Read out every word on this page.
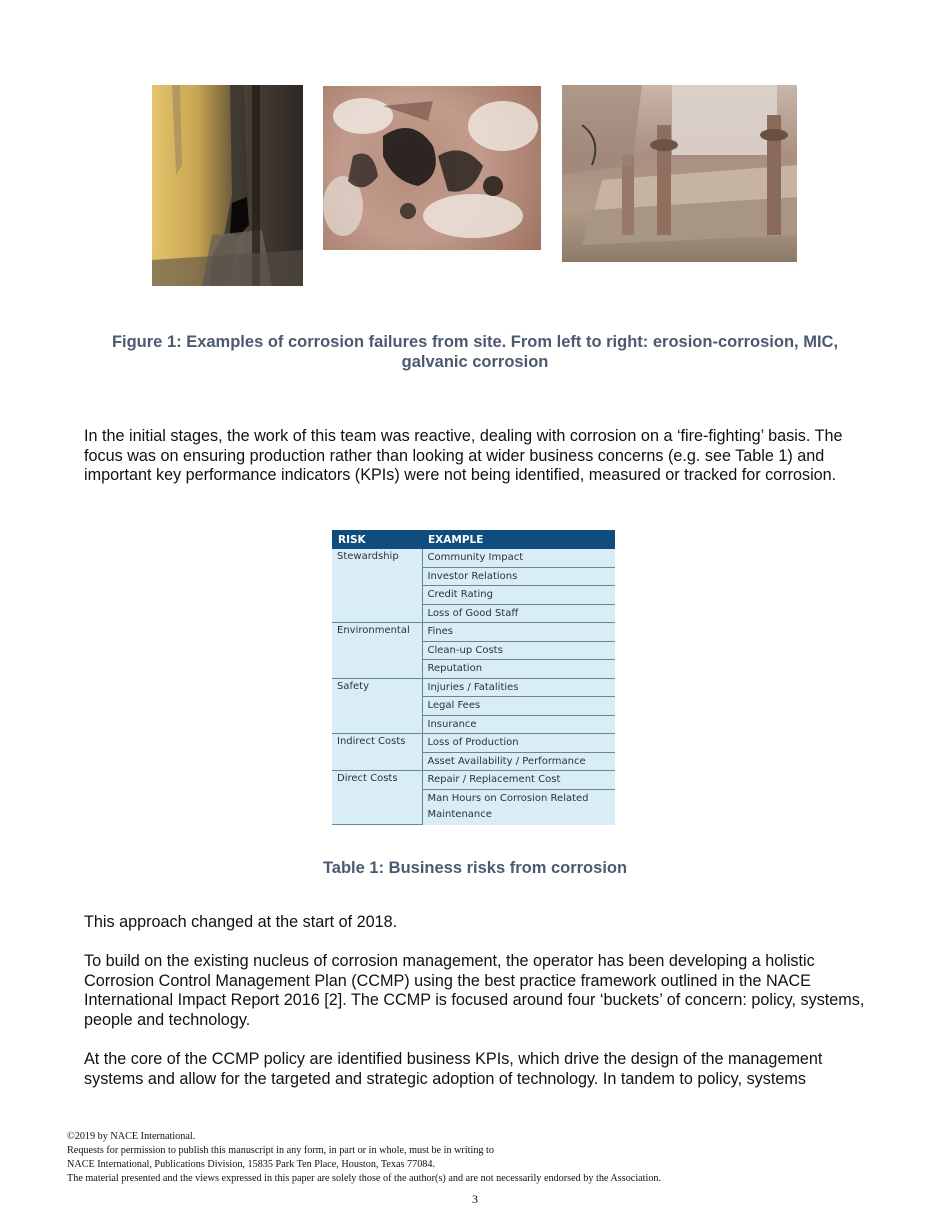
Figure 1: Examples of corrosion failures from site. From left to right: erosion-corrosion, MIC,
galvanic corrosion
In the initial stages, the work of this team was reactive, dealing with corrosion on a ‘fire-fighting’ basis. The focus was on ensuring production rather than looking at wider business concerns (e.g. see Table 1) and important key performance indicators (KPIs) were not being identified, measured or tracked for corrosion.
RISK	EXAMPLE
Stewardship	Community Impact
	Investor Relations
	Credit Rating
	Loss of Good Staff
Environmental	Fines
	Clean-up Costs
	Reputation
Safety	Injuries / Fatalities
	Legal Fees
	Insurance
Indirect Costs	Loss of Production
	Asset Availability / Performance
Direct Costs	Repair / Replacement Cost
	Man Hours on Corrosion Related Maintenance
Table 1: Business risks from corrosion
This approach changed at the start of 2018.
To build on the existing nucleus of corrosion management, the operator has been developing a holistic Corrosion Control Management Plan (CCMP) using the best practice framework outlined in the NACE International Impact Report 2016 [2]. The CCMP is focused around four ‘buckets’ of concern: policy, systems, people and technology.
At the core of the CCMP policy are identified business KPIs, which drive the design of the management systems and allow for the targeted and strategic adoption of technology. In tandem to policy, systems
©2019 by NACE International.
Requests for permission to publish this manuscript in any form, in part or in whole, must be in writing to
NACE International, Publications Division, 15835 Park Ten Place, Houston, Texas 77084.
The material presented and the views expressed in this paper are solely those of the author(s) and are not necessarily endorsed by the Association.
3
